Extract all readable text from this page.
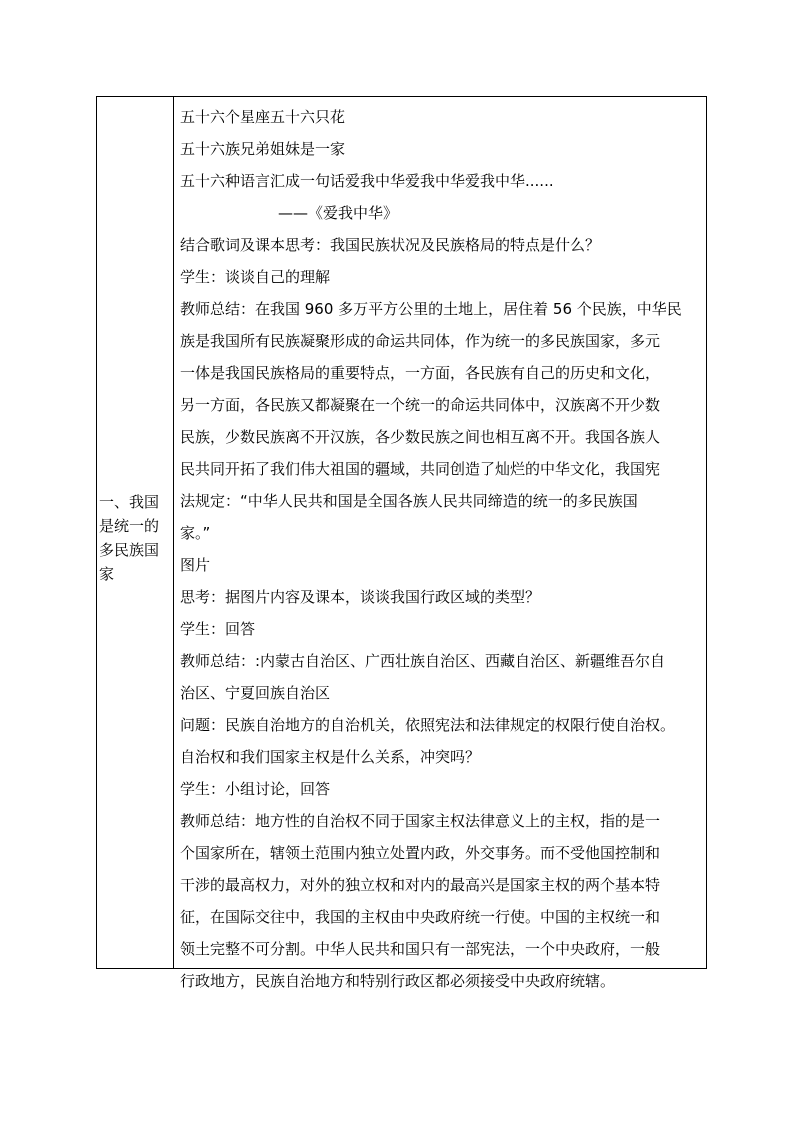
一、我国
是统一的
多民族国
家
五十六个星座五十六只花
五十六族兄弟姐妹是一家
五十六种语言汇成一句话爱我中华爱我中华爱我中华......
——《爱我中华》
结合歌词及课本思考：我国民族状况及民族格局的特点是什么？
学生：谈谈自己的理解
教师总结：在我国 960 多万平方公里的土地上，居住着 56 个民族，中华民
族是我国所有民族凝聚形成的命运共同体，作为统一的多民族国家，多元
一体是我国民族格局的重要特点，一方面，各民族有自己的历史和文化，
另一方面，各民族又都凝聚在一个统一的命运共同体中，汉族离不开少数
民族，少数民族离不开汉族，各少数民族之间也相互离不开。我国各族人
民共同开拓了我们伟大祖国的疆域，共同创造了灿烂的中华文化，我国宪
法规定：“中华人民共和国是全国各族人民共同缔造的统一的多民族国
家。”
图片
思考：据图片内容及课本，谈谈我国行政区域的类型？
学生：回答
教师总结：:内蒙古自治区、广西壮族自治区、西藏自治区、新疆维吾尔自
治区、宁夏回族自治区
问题：民族自治地方的自治机关，依照宪法和法律规定的权限行使自治权。
自治权和我们国家主权是什么关系，冲突吗？
学生：小组讨论，回答
教师总结：地方性的自治权不同于国家主权法律意义上的主权，指的是一
个国家所在，辖领土范围内独立处置内政，外交事务。而不受他国控制和
干涉的最高权力，对外的独立权和对内的最高兴是国家主权的两个基本特
征，在国际交往中，我国的主权由中央政府统一行使。中国的主权统一和
领土完整不可分割。中华人民共和国只有一部宪法，一个中央政府，一般
行政地方，民族自治地方和特别行政区都必须接受中央政府统辖。
